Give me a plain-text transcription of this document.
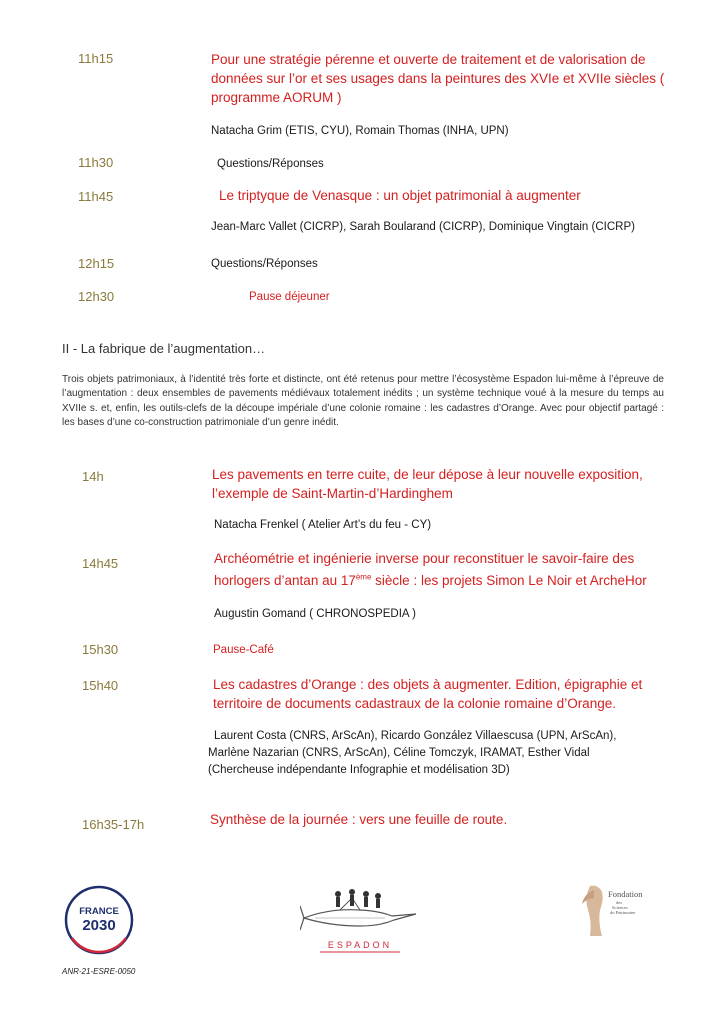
11h15	Pour une stratégie pérenne et ouverte de traitement et de valorisation de données sur l’or et ses usages dans la peintures des XVIe et XVIIe siècles ( programme AORUM )
Natacha Grim (ETIS, CYU), Romain Thomas (INHA, UPN)
11h30	Questions/Réponses
11h45	Le triptyque de Venasque : un objet patrimonial à augmenter
Jean-Marc Vallet (CICRP), Sarah Boularand (CICRP), Dominique Vingtain (CICRP)
12h15	Questions/Réponses
12h30	Pause déjeuner
II - La fabrique de l’augmentation…
Trois objets patrimoniaux, à l’identité très forte et distincte, ont été retenus pour mettre l’écosystème Espadon lui-même à l’épreuve de l’augmentation : deux ensembles de pavements médiévaux totalement inédits ; un système technique voué à la mesure du temps au XVIIe s. et, enfin, les outils-clefs de la découpe impériale d’une colonie romaine : les cadastres d’Orange. Avec pour objectif partagé : les bases d’une co-construction patrimoniale d’un genre inédit.
14h	Les pavements en terre cuite, de leur dépose à leur nouvelle exposition, l’exemple de Saint-Martin-d’Hardinghem
Natacha Frenkel ( Atelier Art’s du feu - CY)
14h45	Archéométrie et ingénierie inverse pour reconstituer le savoir-faire des horlogers d’antan au 17ème siècle : les projets Simon Le Noir et ArcheHor
Augustin Gomand ( CHRONOSPEDIA )
15h30	Pause-Café
15h40	Les cadastres d’Orange : des objets à augmenter. Edition, épigraphie et territoire de documents cadastraux de la colonie romaine d’Orange.
Laurent Costa (CNRS, ArScAn), Ricardo González Villaescusa (UPN, ArScAn),
Marlène Nazarian (CNRS, ArScAn), Céline Tomczyk, IRAMAT, Esther Vidal
(Chercheuse indépendante Infographie et modélisation 3D)
16h35-17h	Synthèse de la journée : vers une feuille de route.
FRANCE
2030
ESPADON
Fondation
des
Sciences
du Patrimoine
ANR-21-ESRE-0050
